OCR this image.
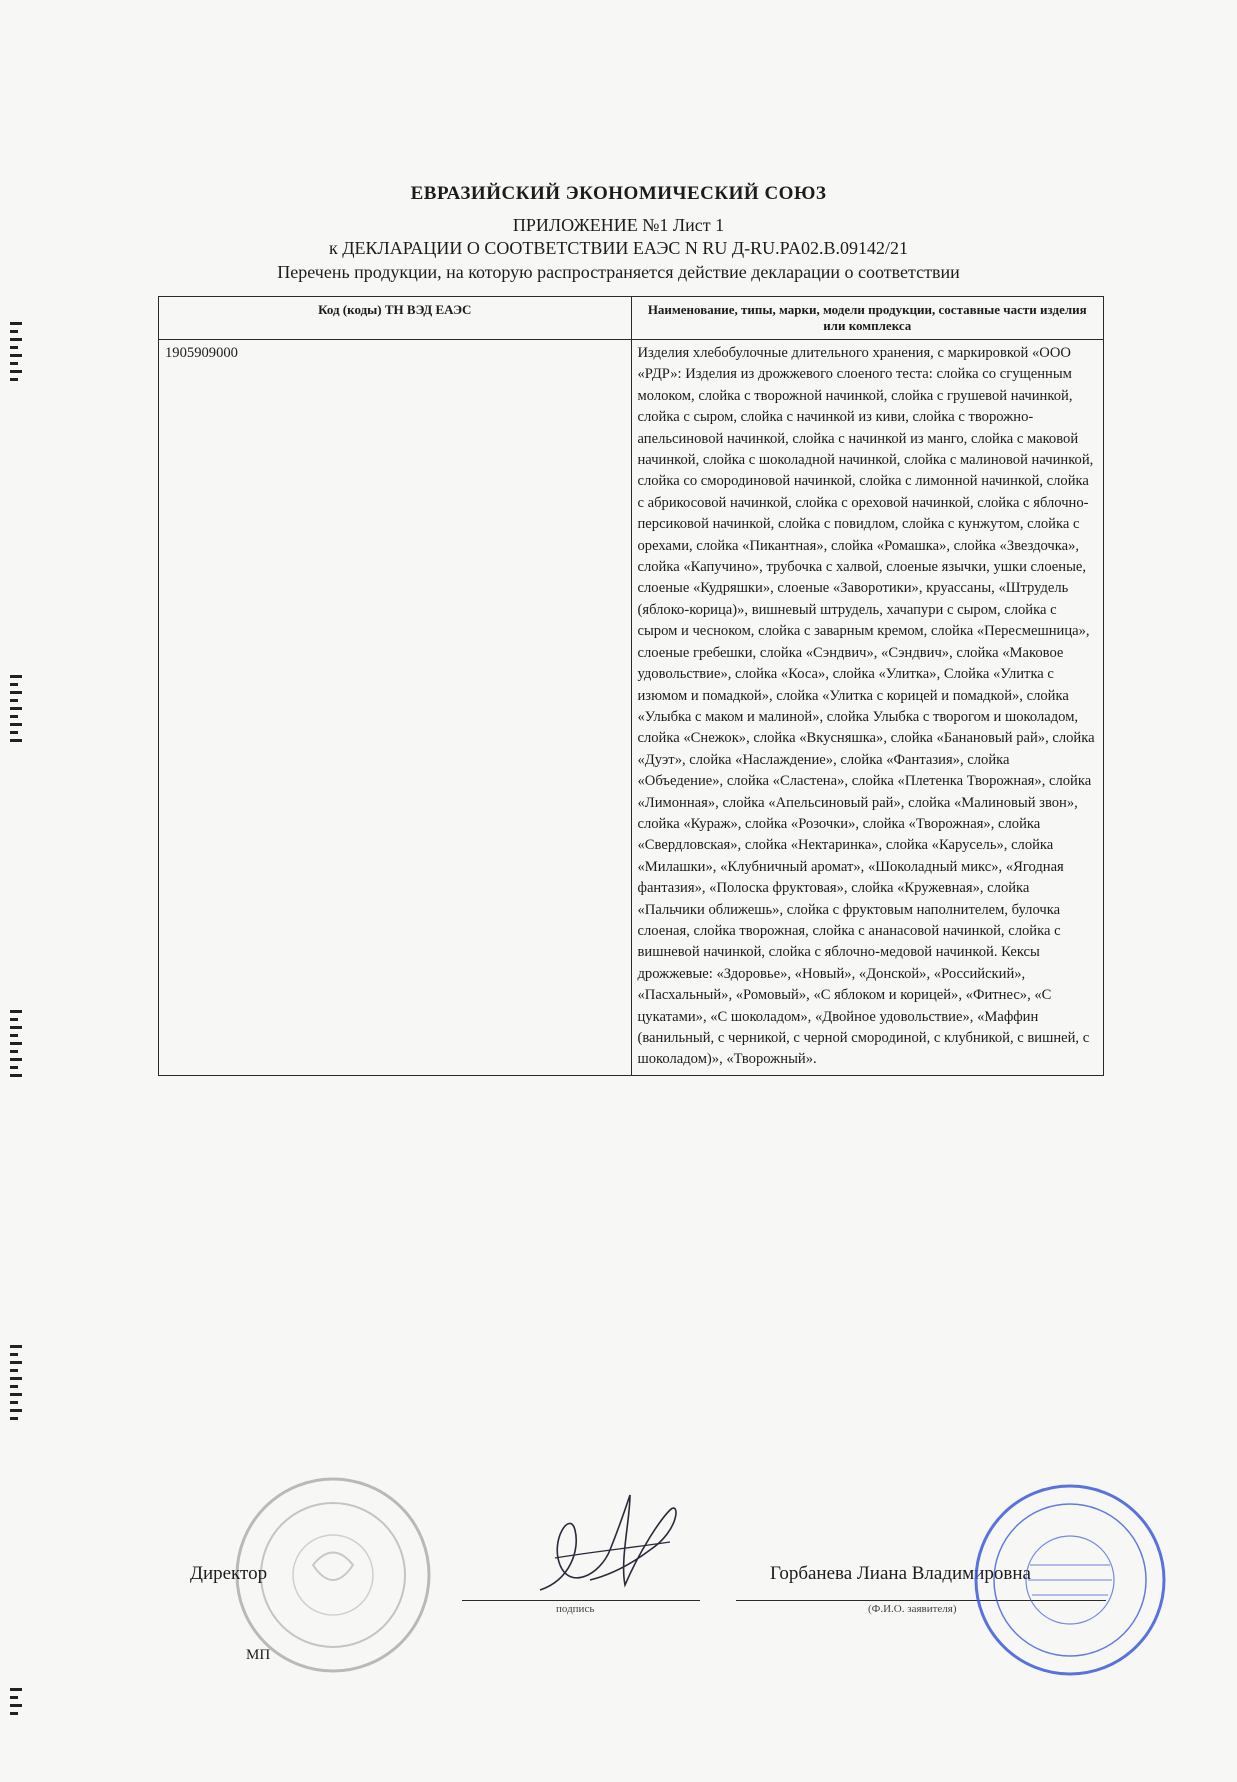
ЕВРАЗИЙСКИЙ ЭКОНОМИЧЕСКИЙ СОЮЗ
ПРИЛОЖЕНИЕ №1 Лист 1
к ДЕКЛАРАЦИИ О СООТВЕТСТВИИ ЕАЭС N RU Д-RU.PA02.B.09142/21
Перечень продукции, на которую распространяется действие декларации о соответствии
Код (коды) ТН ВЭД ЕАЭС	Наименование, типы, марки, модели продукции, составные части изделия или комплекса
1905909000	Изделия хлебобулочные длительного хранения, с маркировкой «ООО «РДР»: Изделия из дрожжевого слоеного теста: слойка со сгущенным молоком, слойка с творожной начинкой, слойка с грушевой начинкой, слойка с сыром, слойка с начинкой из киви, слойка с творожно-апельсиновой начинкой, слойка с начинкой из манго, слойка с маковой начинкой, слойка с шоколадной начинкой, слойка с малиновой начинкой, слойка со смородиновой начинкой, слойка с лимонной начинкой, слойка с абрикосовой начинкой, слойка с ореховой начинкой, слойка с яблочно-персиковой начинкой, слойка с повидлом, слойка с кунжутом, слойка с орехами, слойка «Пикантная», слойка «Ромашка», слойка «Звездочка», слойка «Капучино», трубочка с халвой, слоеные язычки, ушки слоеные, слоеные «Кудряшки», слоеные «Заворотики», круассаны, «Штрудель (яблоко-корица)», вишневый штрудель, хачапури с сыром, слойка с сыром и чесноком, слойка с заварным кремом, слойка «Пересмешница», слоеные гребешки, слойка «Сэндвич», «Сэндвич», слойка «Маковое удовольствие», слойка «Коса», слойка «Улитка», Слойка «Улитка с изюмом и помадкой», слойка «Улитка с корицей и помадкой», слойка «Улыбка с маком и малиной», слойка Улыбка с творогом и шоколадом, слойка «Снежок», слойка «Вкусняшка», слойка «Банановый рай», слойка «Дуэт», слойка «Наслаждение», слойка «Фантазия», слойка «Объедение», слойка «Сластена», слойка «Плетенка Творожная», слойка «Лимонная», слойка «Апельсиновый рай», слойка «Малиновый звон», слойка «Кураж», слойка «Розочки», слойка «Творожная», слойка «Свердловская», слойка «Нектаринка», слойка «Карусель», слойка «Милашки», «Клубничный аромат», «Шоколадный микс», «Ягодная фантазия», «Полоска фруктовая», слойка «Кружевная», слойка «Пальчики оближешь», слойка с фруктовым наполнителем, булочка слоеная, слойка творожная, слойка с ананасовой начинкой, слойка с вишневой начинкой, слойка с яблочно-медовой начинкой. Кексы дрожжевые: «Здоровье», «Новый», «Донской», «Российский», «Пасхальный», «Ромовый», «С яблоком и корицей», «Фитнес», «С цукатами», «С шоколадом», «Двойное удовольствие», «Маффин (ванильный, с черникой, с черной смородиной, с клубникой, с вишней, с шоколадом)», «Творожный».
Директор
подпись
Горбанева Лиана Владимировна
(Ф.И.О. заявителя)
МП
